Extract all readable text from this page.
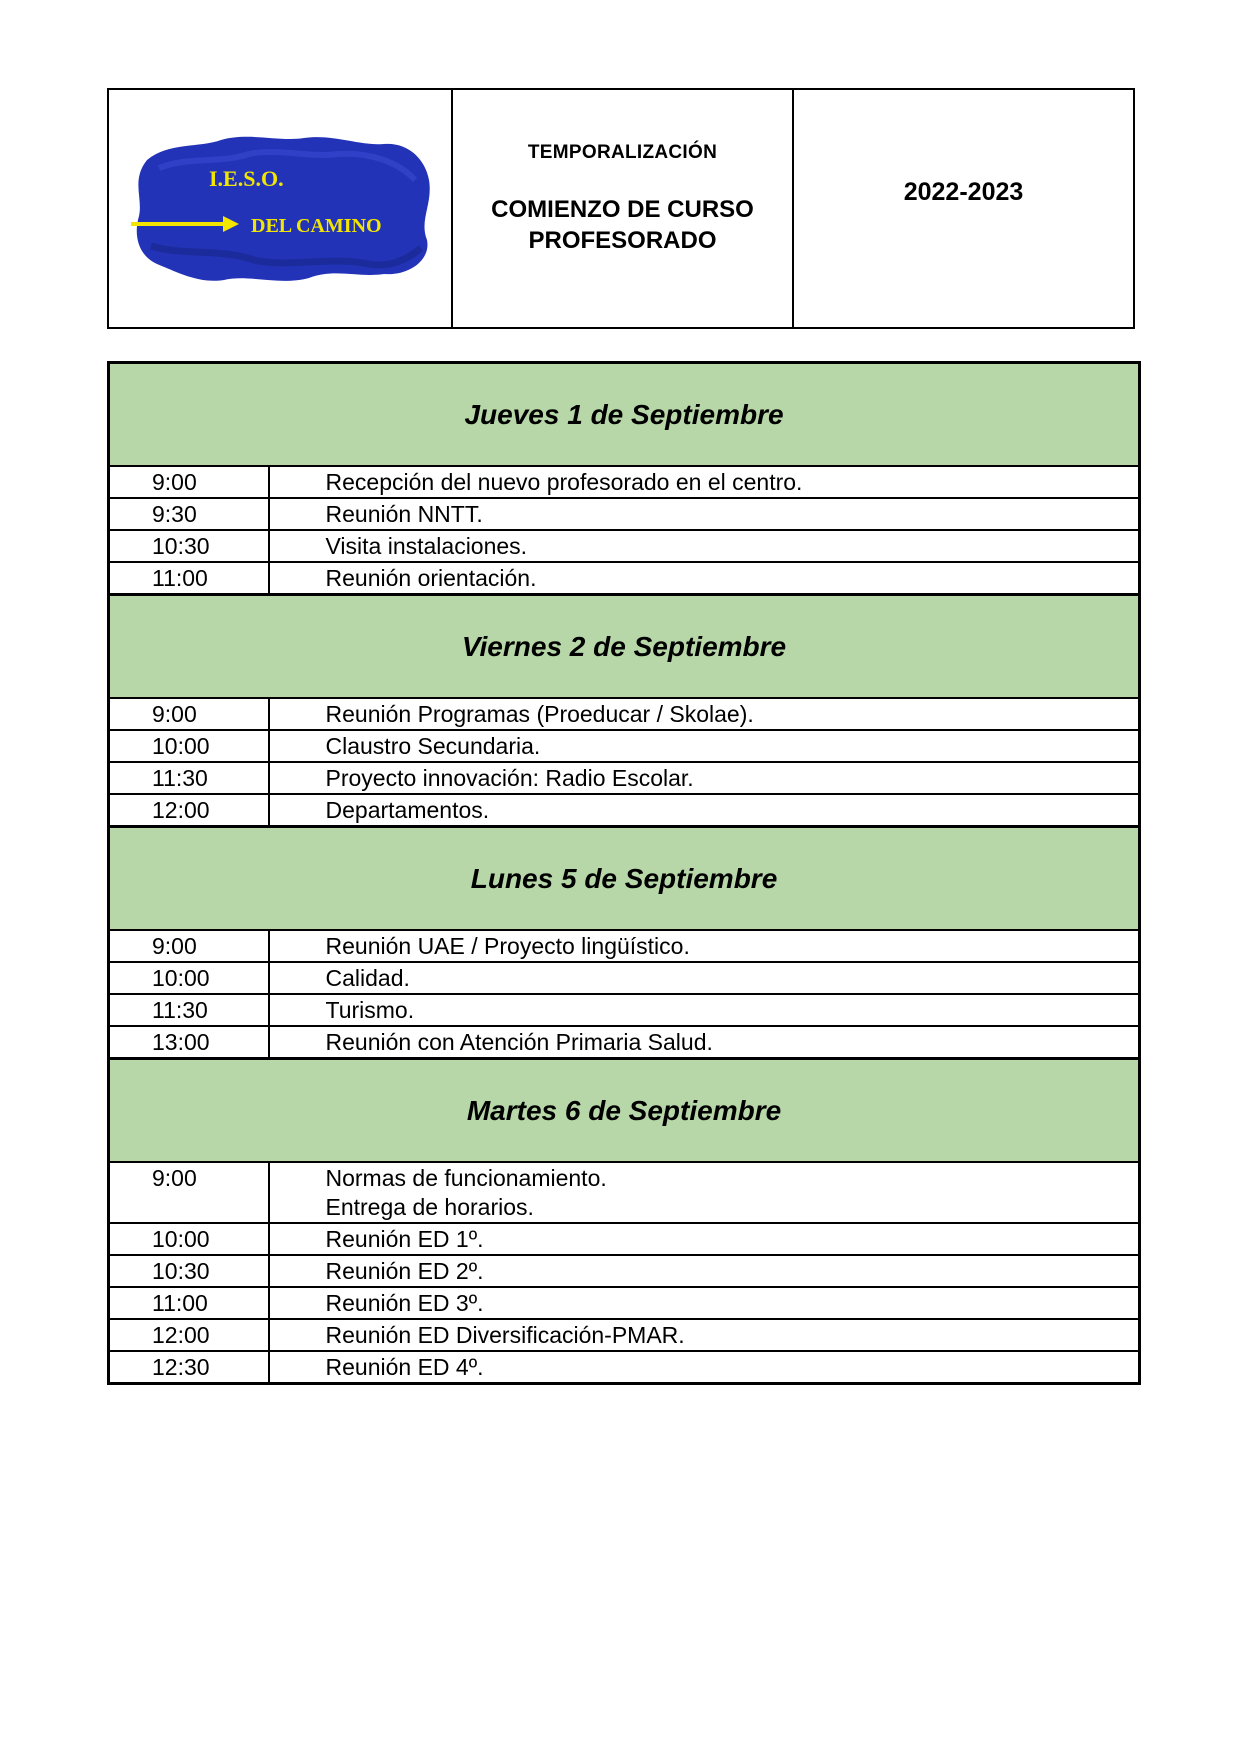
I.E.S.O.
DEL CAMINO
TEMPORALIZACIÓN
COMIENZO DE CURSO
PROFESORADO
2022-2023
Jueves 1 de Septiembre	
9:00	Recepción del nuevo profesorado en el centro.
9:30	Reunión NNTT.
10:30	Visita instalaciones.
11:00	Reunión orientación.
Viernes 2 de Septiembre	
9:00	Reunión Programas (Proeducar / Skolae).
10:00	Claustro Secundaria.
11:30	Proyecto innovación: Radio Escolar.
12:00	Departamentos.
Lunes 5 de Septiembre	
9:00	Reunión UAE / Proyecto lingüístico.
10:00	Calidad.
11:30	Turismo.
13:00	Reunión con Atención Primaria Salud.
Martes 6 de Septiembre	
9:00	Normas de funcionamiento.
Entrega de horarios.

10:00	Reunión ED 1º.
10:30	Reunión ED 2º.
11:00	Reunión ED 3º.
12:00	Reunión ED Diversificación-PMAR.
12:30	Reunión ED 4º.
